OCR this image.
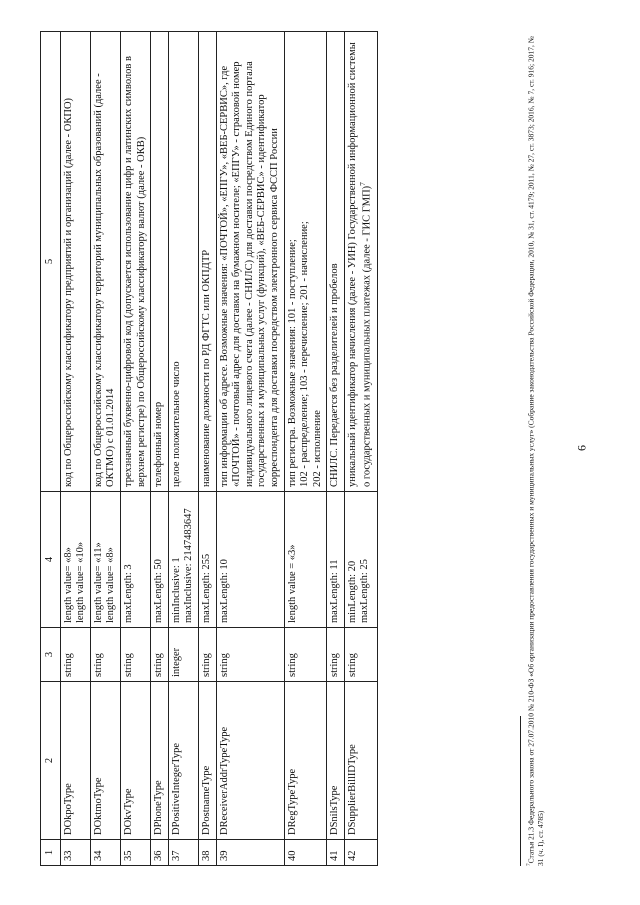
6
1	2	3	4	5
33	DOkpoType	string	length value= «8» length value= «10»	код по Общероссийскому классификатору предприятий и организаций (далее - ОКПО)
34	DOktmoType	string	length value= «11» length value= «8»	код по Общероссийскому классификатору территорий муниципальных образований (далее - ОКТМО) с 01.01.2014
35	DOkvType	string	maxLength: 3	трехзначный буквенно-цифровой код (допускается использование цифр и латинских символов в верхнем регистре) по Общероссийскому классификатору валют (далее - ОКВ)
36	DPhoneType	string	maxLength: 50	телефонный номер
37	DPositiveIntegerType	integer	minInclusive: 1 maxInclusive: 2147483647	целое положительное число
38	DPostnameType	string	maxLength: 255	наименование должности по РД ФГТС или ОКПДТР
39	DReceiverAddrTypeType	string	maxLength: 10	тип информации об адресе. Возможные значения: «ПОЧТОЙ», «ЕПГУ», «ВЕБ-СЕРВИС», где «ПОЧТОЙ» - почтовый адрес для доставки на бумажном носителе; «ЕПГУ» - страховой номер индивидуального лицевого счета (далее - СНИЛС) для доставки посредством Единого портала государственных и муниципальных услуг (функций), «ВЕБ-СЕРВИС» - идентификатор корреспондента для доставки посредством электронного сервиса ФССП России
40	DRegTypeType	string	length value = «3»	тип регистра. Возможные значения: 101 - поступление; 102 - распределение; 103 - перечисление; 201 - начисление; 202 - исполнение
41	DSnilsType	string	maxLength: 11	СНИЛС. Передается без разделителей и пробелов
42	DSupplierBillIDType	string	minLength: 20 maxLength: 25	уникальный идентификатор начисления (далее - УИН) Государственной информационной системы о государственных и муниципальных платежах (далее - ГИС ГМП)$^7$
$^7$Статья 21.3 Федерального закона от 27.07.2010 № 210-ФЗ «Об организации предоставления государственных и муниципальных услуг» (Собрание законодательства Российской Федерации, 2010, № 31, ст. 4179; 2011, № 27, ст. 3873; 2016, № 7, ст. 916; 2017, № 31 (ч. I), ст. 4785)
